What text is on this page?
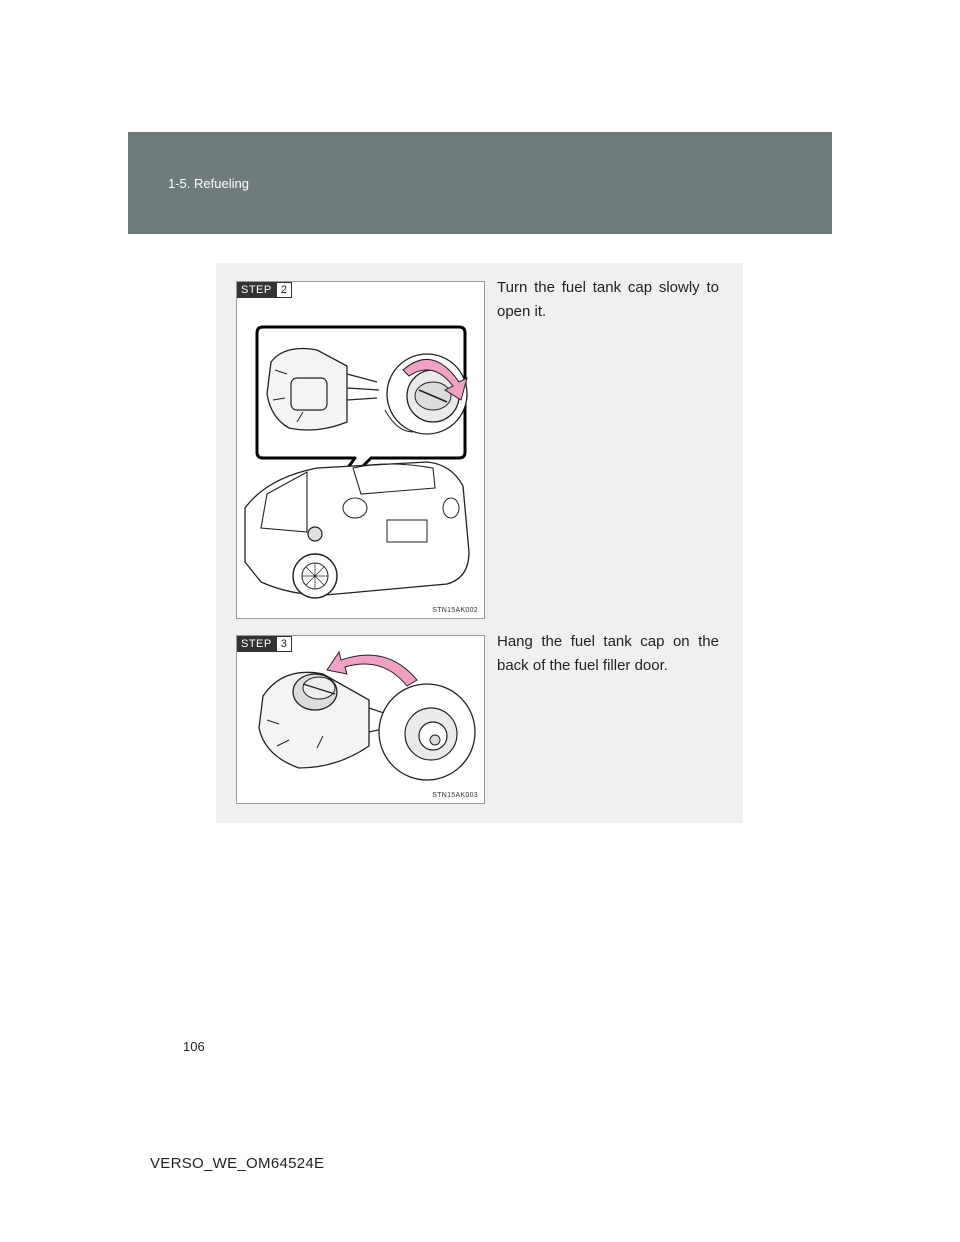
1-5. Refueling
STEP 2
STN15AK002
Turn the fuel tank cap slowly to open it.
STEP 3
STN15AK003
Hang the fuel tank cap on the back of the fuel filler door.
106
VERSO_WE_OM64524E
